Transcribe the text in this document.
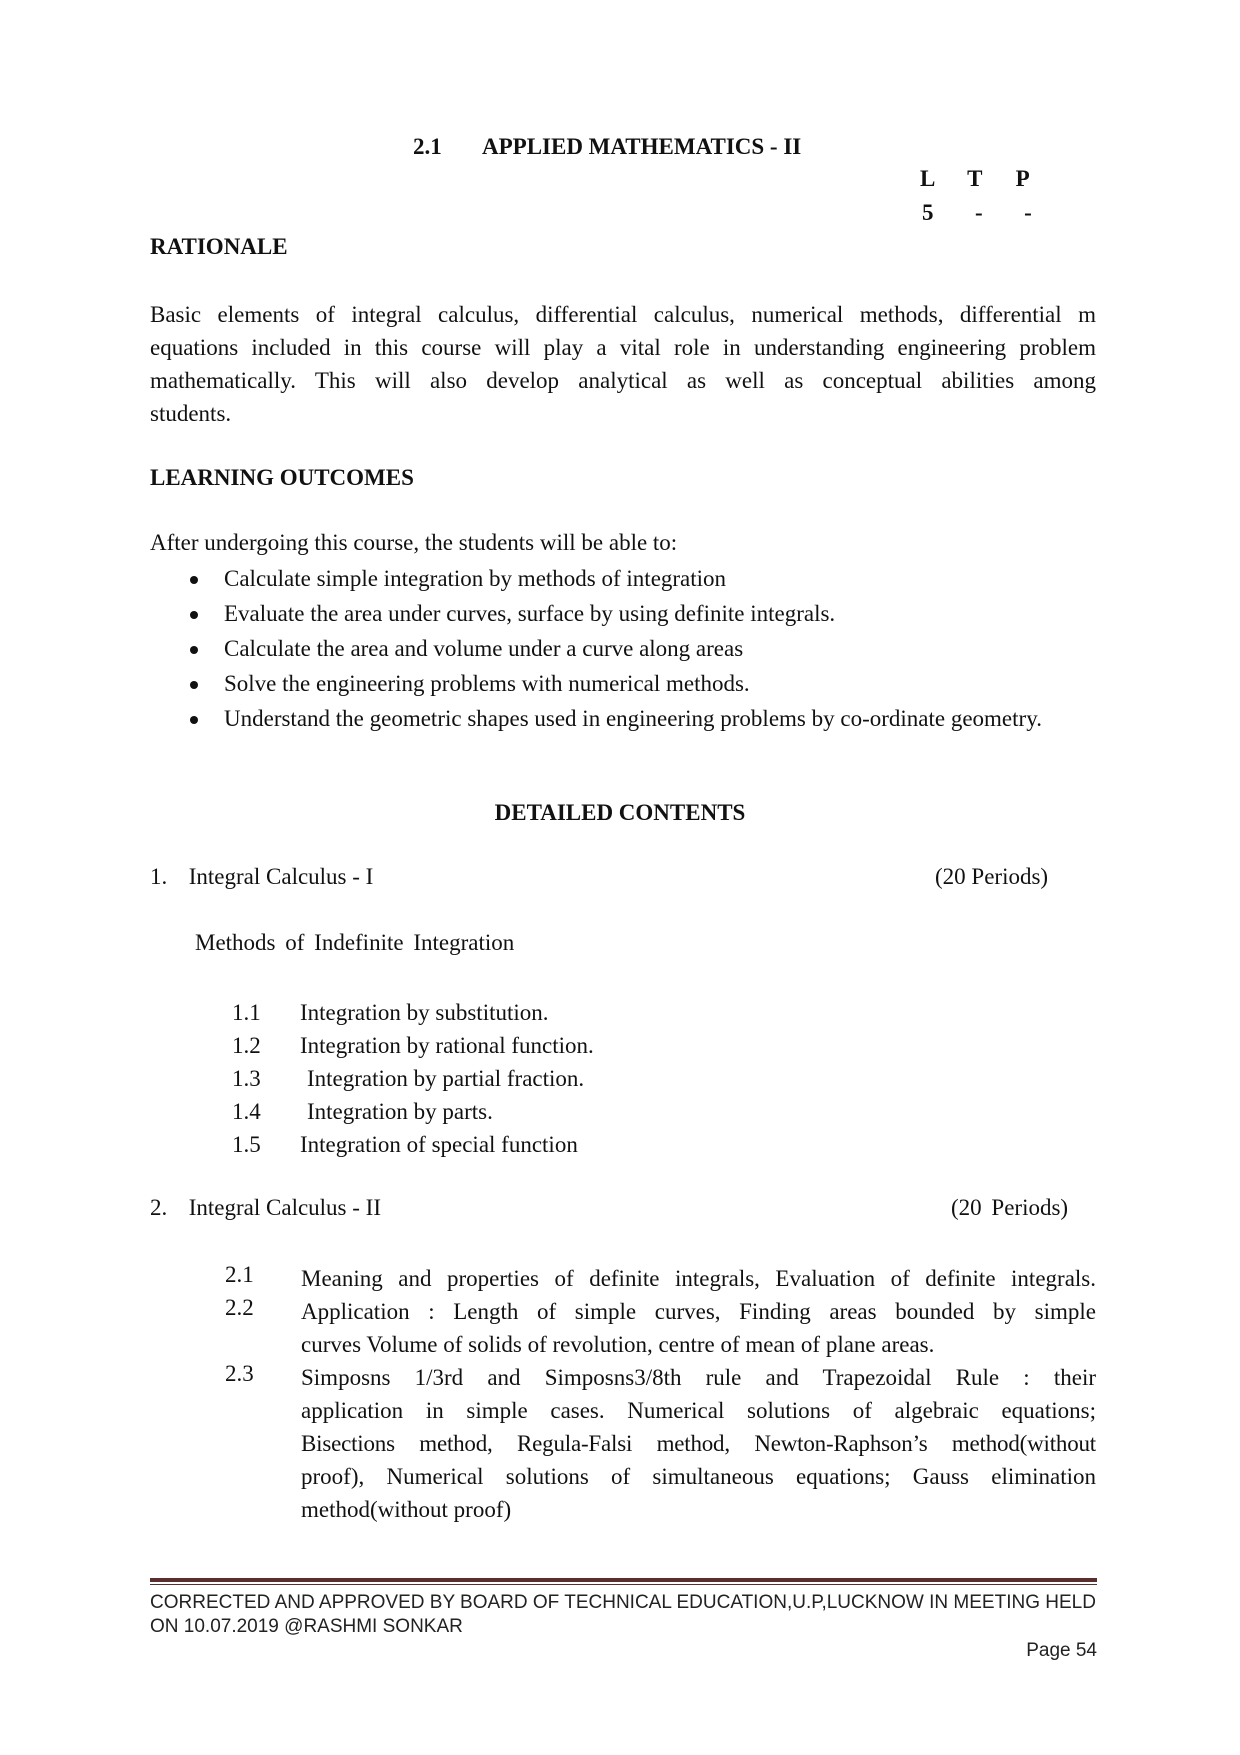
2.1 APPLIED MATHEMATICS - II
L T P
5 - -
RATIONALE
Basic elements of integral calculus, differential calculus, numerical methods, differential m
equations included in this course will play a vital role in understanding engineering problem
mathematically. This will also develop analytical as well as conceptual abilities among
students.
LEARNING OUTCOMES
After undergoing this course, the students will be able to:
Calculate simple integration by methods of integration
Evaluate the area under curves, surface by using definite integrals.
Calculate the area and volume under a curve along areas
Solve the engineering problems with numerical methods.
Understand the geometric shapes used in engineering problems by co-ordinate geometry.
DETAILED CONTENTS
1. Integral Calculus - I	(20 Periods)
Methods of Indefinite Integration
1.1 Integration by substitution.
1.2 Integration by rational function.
1.3 Integration by partial fraction.
1.4 Integration by parts.
1.5 Integration of special function
2. Integral Calculus - II	(20 Periods)
2.1 Meaning and properties of definite integrals, Evaluation of definite integrals.
2.2 Application : Length of simple curves, Finding areas bounded by simple
curves Volume of solids of revolution, centre of mean of plane areas.
2.3 Simposns 1/3rd and Simposns3/8th rule and Trapezoidal Rule : their
application in simple cases. Numerical solutions of algebraic equations;
Bisections method, Regula-Falsi method, Newton-Raphson’s method(without
proof), Numerical solutions of simultaneous equations; Gauss elimination
method(without proof)
CORRECTED AND APPROVED BY BOARD OF TECHNICAL EDUCATION,U.P,LUCKNOW IN MEETING HELD
ON 10.07.2019 @RASHMI SONKAR
Page 54
